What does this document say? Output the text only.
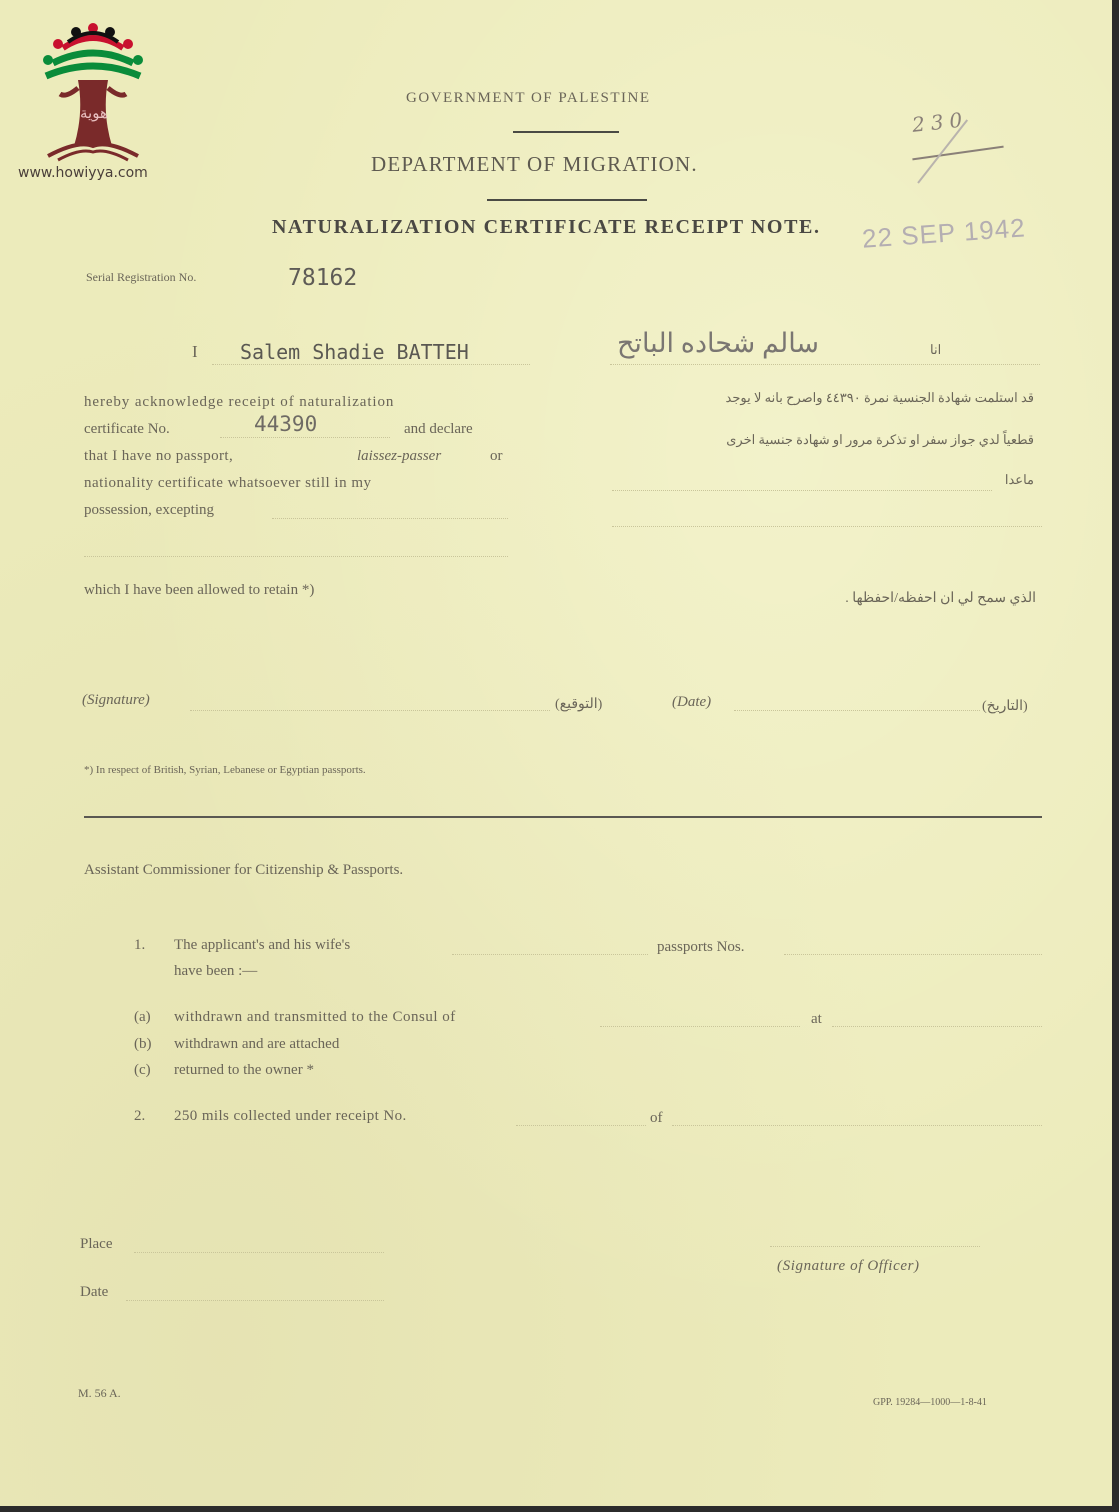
هوية
www.howiyya.com
GOVERNMENT OF PALESTINE
DEPARTMENT OF MIGRATION.
NATURALIZATION CERTIFICATE RECEIPT NOTE.
230
22 SEP 1942
Serial Registration No.	78162
I Salem Shadie BATTEH	سالم شحاده الباتح	انا
hereby acknowledge receipt of naturalization
certificate No.	44390	and declare
that I have no passport,	laissez-passer	or
nationality certificate whatsoever still in my
possession, excepting
which I have been allowed to retain *)
قد استلمت شهادة الجنسية نمرة ٤٤٣٩٠ واصرح بانه لا يوجد
قطعياً لدي جواز سفر او تذكرة مرور او شهادة جنسية اخرى
ماعدا
الذي سمح لي ان احفظه/احفظها .
(Signature)	(التوقيع)	(Date)	(التاريخ)
*) In respect of British, Syrian, Lebanese or Egyptian passports.
Assistant Commissioner for Citizenship & Passports.
1. The applicant's and his wife's	passports Nos.
have been :—
(a) withdrawn and transmitted to the Consul of	at
(b) withdrawn and are attached
(c) returned to the owner *
2. 250 mils collected under receipt No.	of
Place
Date
(Signature of Officer)
M. 56 A.
GPP. 19284—1000—1-8-41
